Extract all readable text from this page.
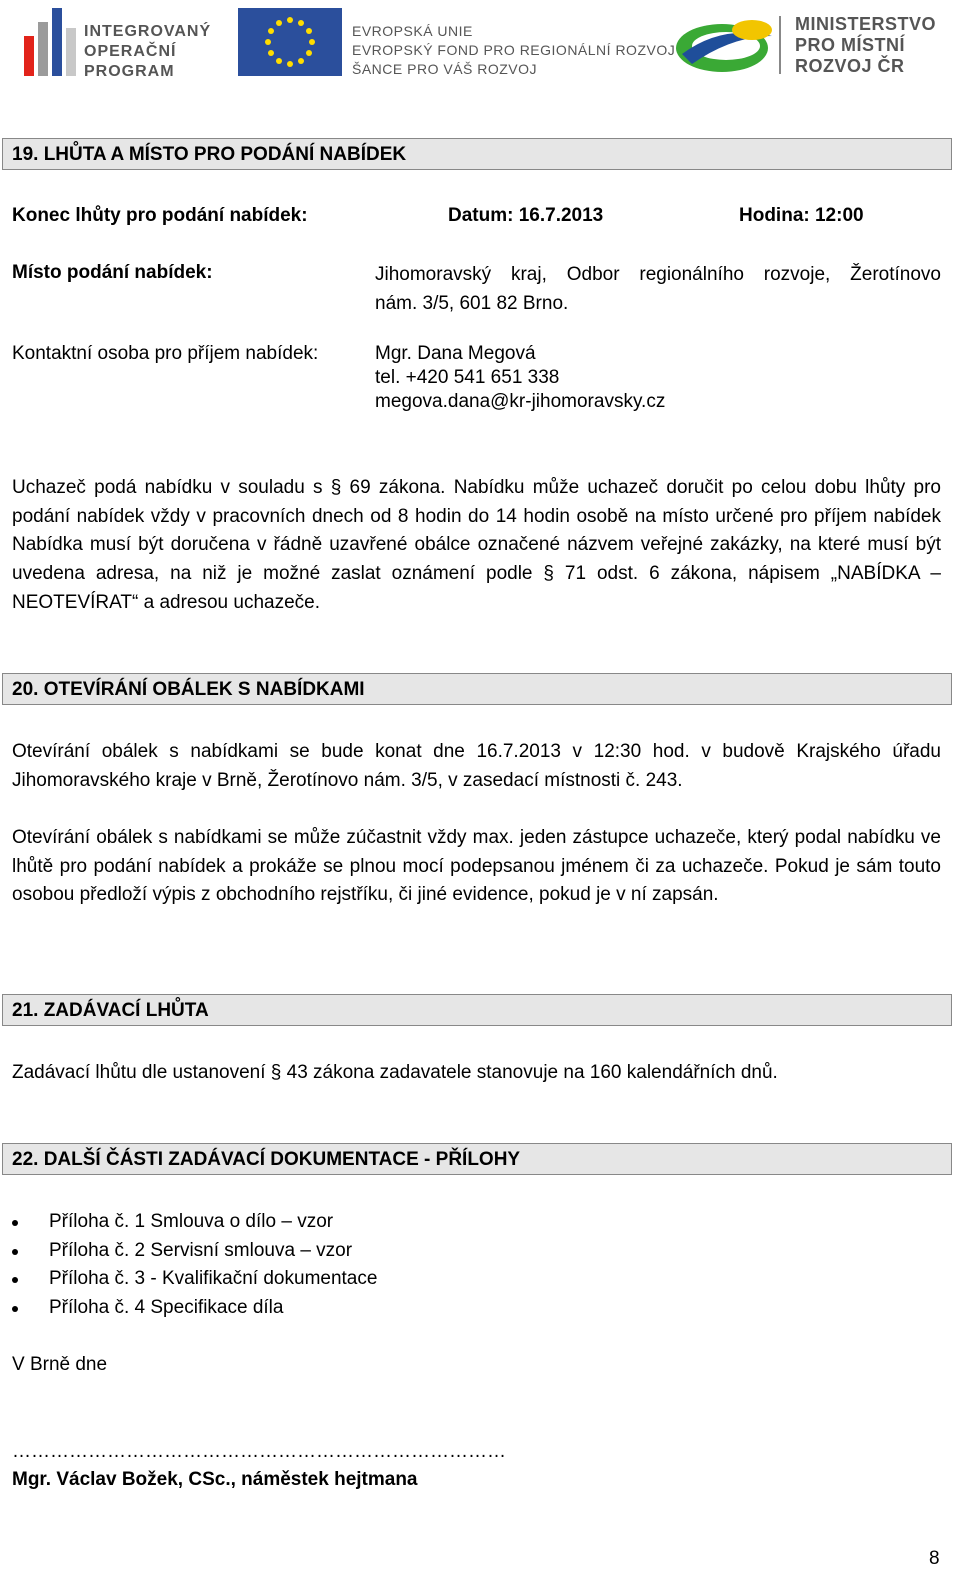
INTEGROVANÝ
OPERAČNÍ
PROGRAM
EVROPSKÁ UNIE
EVROPSKÝ FOND PRO REGIONÁLNÍ ROZVOJ
ŠANCE PRO VÁŠ ROZVOJ
MINISTERSTVO
PRO MÍSTNÍ
ROZVOJ ČR
19. LHŮTA A MÍSTO PRO PODÁNÍ NABÍDEK
Konec lhůty pro podání nabídek:	Datum: 16.7.2013	Hodina: 12:00
Místo podání nabídek:	Jihomoravský kraj, Odbor regionálního rozvoje, Žerotínovo
nám. 3/5, 601 82 Brno.
Kontaktní osoba pro příjem nabídek:	Mgr. Dana Megová
tel. +420 541 651 338
megova.dana@kr-jihomoravsky.cz
Uchazeč podá nabídku v souladu s § 69 zákona. Nabídku může uchazeč doručit po celou dobu lhůty pro podání nabídek vždy v pracovních dnech od 8 hodin do 14 hodin osobě na místo určené pro příjem nabídek Nabídka musí být doručena v řádně uzavřené obálce označené názvem veřejné zakázky, na které musí být uvedena adresa, na niž je možné zaslat oznámení podle § 71 odst. 6 zákona, nápisem „NABÍDKA – NEOTEVÍRAT“ a adresou uchazeče.
20. OTEVÍRÁNÍ OBÁLEK S NABÍDKAMI
Otevírání obálek s nabídkami se bude konat dne 16.7.2013 v 12:30 hod. v budově Krajského úřadu Jihomoravského kraje v Brně, Žerotínovo nám. 3/5, v zasedací místnosti č. 243.
Otevírání obálek s nabídkami se může zúčastnit vždy max. jeden zástupce uchazeče, který podal nabídku ve lhůtě pro podání nabídek a prokáže se plnou mocí podepsanou jménem či za uchazeče. Pokud je sám touto osobou předloží výpis z obchodního rejstříku, či jiné evidence, pokud je v ní zapsán.
21. ZADÁVACÍ LHŮTA
Zadávací lhůtu dle ustanovení § 43 zákona zadavatele stanovuje na 160 kalendářních dnů.
22. DALŠÍ ČÁSTI ZADÁVACÍ DOKUMENTACE - PŘÍLOHY
Příloha č. 1 Smlouva o dílo – vzor
Příloha č. 2 Servisní smlouva – vzor
Příloha č. 3 - Kvalifikační dokumentace
Příloha č. 4 Specifikace díla
V Brně dne
……………………………………………………………………
Mgr. Václav Božek, CSc., náměstek hejtmana
8
